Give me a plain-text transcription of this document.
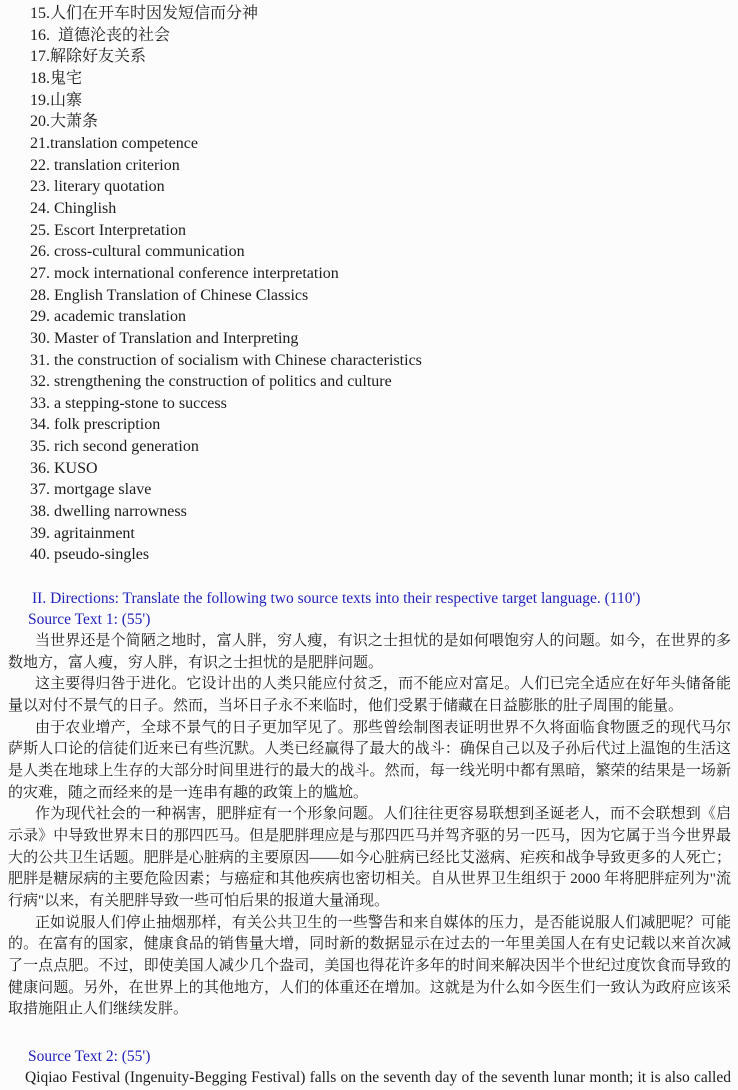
15.人们在开车时因发短信而分神
16.  道德沦丧的社会
17.解除好友关系
18.鬼宅
19.山寨
20.大萧条
21.translation competence
22. translation criterion
23. literary quotation
24. Chinglish
25. Escort Interpretation
26. cross-cultural communication
27. mock international conference interpretation
28. English Translation of Chinese Classics
29. academic translation
30. Master of Translation and Interpreting
31. the construction of socialism with Chinese characteristics
32. strengthening the construction of politics and culture
33. a stepping-stone to success
34. folk prescription
35. rich second generation
36. KUSO
37. mortgage slave
38. dwelling narrowness
39. agritainment
40. pseudo-singles
II. Directions: Translate the following two source texts into their respective target language. (110')
Source Text 1: (55')

当世界还是个简陋之地时，富人胖，穷人瘦，有识之士担忧的是如何喂饱穷人的问题。如今，在世界的多数地方，富人瘦，穷人胖，有识之士担忧的是肥胖问题。

这主要得归咎于进化。它设计出的人类只能应付贫乏，而不能应对富足。人们已完全适应在好年头储备能量以对付不景气的日子。然而，当坏日子永不来临时，他们受累于储藏在日益膨胀的肚子周围的能量。

由于农业增产，全球不景气的日子更加罕见了。那些曾绘制图表证明世界不久将面临食物匮乏的现代马尔萨斯人口论的信徒们近来已有些沉默。人类已经赢得了最大的战斗：确保自己以及子孙后代过上温饱的生活这是人类在地球上生存的大部分时间里进行的最大的战斗。然而，每一线光明中都有黑暗，繁荣的结果是一场新的灾难，随之而经来的是一连串有趣的政策上的尴尬。

作为现代社会的一种祸害，肥胖症有一个形象问题。人们往往更容易联想到圣诞老人，而不会联想到《启示录》中导致世界末日的那四匹马。但是肥胖理应是与那四匹马并驾齐驱的另一匹马，因为它属于当今世界最大的公共卫生话题。肥胖是心脏病的主要原因——如今心脏病已经比艾滋病、疟疾和战争导致更多的人死亡；肥胖是糖尿病的主要危险因素；与癌症和其他疾病也密切相关。自从世界卫生组织于 2000 年将肥胖症列为"流行病"以来，有关肥胖导致一些可怕后果的报道大量涌现。

正如说服人们停止抽烟那样，有关公共卫生的一些警告和来自媒体的压力，是否能说服人们减肥呢？可能的。在富有的国家，健康食品的销售量大增，同时新的数据显示在过去的一年里美国人在有史记载以来首次减了一点点肥。不过，即使美国人减少几个盎司，美国也得花许多年的时间来解决因半个世纪过度饮食而导致的健康问题。另外，在世界上的其他地方，人们的体重还在增加。这就是为什么如今医生们一致认为政府应该采取措施阻止人们继续发胖。

Source Text 2: (55')

Qiqiao Festival (Ingenuity-Begging Festival) falls on the seventh day of the seventh lunar month; it is also called
